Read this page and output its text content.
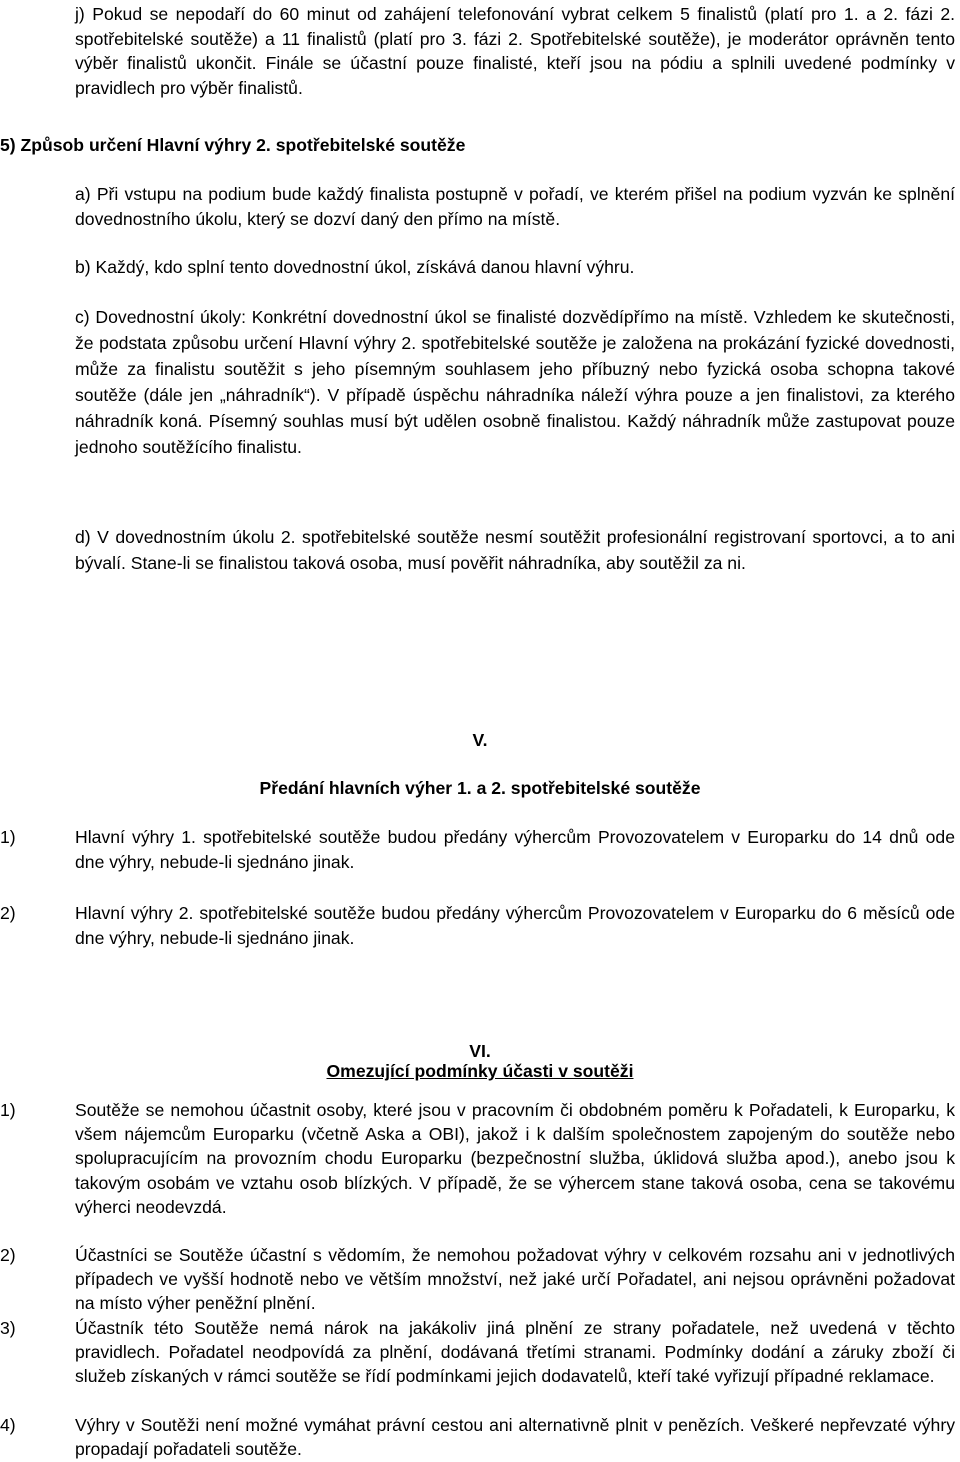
j) Pokud se nepodaří do 60 minut od zahájení telefonování vybrat celkem 5 finalistů (platí pro 1. a 2. fázi 2. spotřebitelské soutěže) a 11 finalistů (platí pro 3. fázi 2. Spotřebitelské soutěže), je moderátor oprávněn tento výběr finalistů ukončit. Finále se účastní pouze finalisté, kteří jsou na pódiu a splnili uvedené podmínky v pravidlech pro výběr finalistů.

5) Způsob určení Hlavní výhry 2. spotřebitelské soutěže

a) Při vstupu na podium bude každý finalista postupně v pořadí, ve kterém přišel na podium vyzván ke splnění dovednostního úkolu, který se dozví daný den přímo na místě.

b) Každý, kdo splní tento dovednostní úkol, získává danou hlavní výhru.

c) Dovednostní úkoly: Konkrétní dovednostní úkol se finalisté dozvědípřímo na místě. Vzhledem ke skutečnosti, že podstata způsobu určení Hlavní výhry 2. spotřebitelské soutěže je založena na prokázání fyzické dovednosti, může za finalistu soutěžit s jeho písemným souhlasem jeho příbuzný nebo fyzická osoba schopna takové soutěže (dále jen „náhradník“). V případě úspěchu náhradníka náleží výhra pouze a jen finalistovi, za kterého náhradník koná. Písemný souhlas musí být udělen osobně finalistou. Každý náhradník může zastupovat pouze jednoho soutěžícího finalistu.

d) V dovednostním úkolu 2. spotřebitelské soutěže nesmí soutěžit profesionální registrovaní sportovci, a to ani bývalí. Stane-li se finalistou taková osoba, musí pověřit náhradníka, aby soutěžil za ni.

V.

Předání hlavních výher 1. a 2. spotřebitelské soutěže

1)	Hlavní výhry 1. spotřebitelské soutěže budou předány výhercům Provozovatelem v Europarku do 14 dnů ode dne výhry, nebude-li sjednáno jinak.

2)	Hlavní výhry 2. spotřebitelské soutěže budou předány výhercům Provozovatelem v Europarku do 6 měsíců ode dne výhry, nebude-li sjednáno jinak.

VI.

Omezující podmínky účasti v soutěži

1)	Soutěže se nemohou účastnit osoby, které jsou v pracovním či obdobném poměru k Pořadateli, k Europarku, k všem nájemcům Europarku (včetně Aska a OBI), jakož i k dalším společnostem zapojeným do soutěže nebo spolupracujícím na provozním chodu Europarku (bezpečnostní služba, úklidová služba apod.), anebo jsou k takovým osobám ve vztahu osob blízkých. V případě, že se výhercem stane taková osoba, cena se takovému výherci neodevzdá.

2)	Účastníci se Soutěže účastní s vědomím, že nemohou požadovat výhry v celkovém rozsahu ani v jednotlivých případech ve vyšší hodnotě nebo ve větším množství, než jaké určí Pořadatel, ani nejsou oprávněni požadovat na místo výher peněžní plnění.

3)	Účastník této Soutěže nemá nárok na jakákoliv jiná plnění ze strany pořadatele, než uvedená v těchto pravidlech. Pořadatel neodpovídá za plnění, dodávaná třetími stranami. Podmínky dodání a záruky zboží či služeb získaných v rámci soutěže se řídí podmínkami jejich dodavatelů, kteří také vyřizují případné reklamace.

4)	Výhry v Soutěži není možné vymáhat právní cestou ani alternativně plnit v penězích. Veškeré nepřevzaté výhry propadají pořadateli soutěže.
